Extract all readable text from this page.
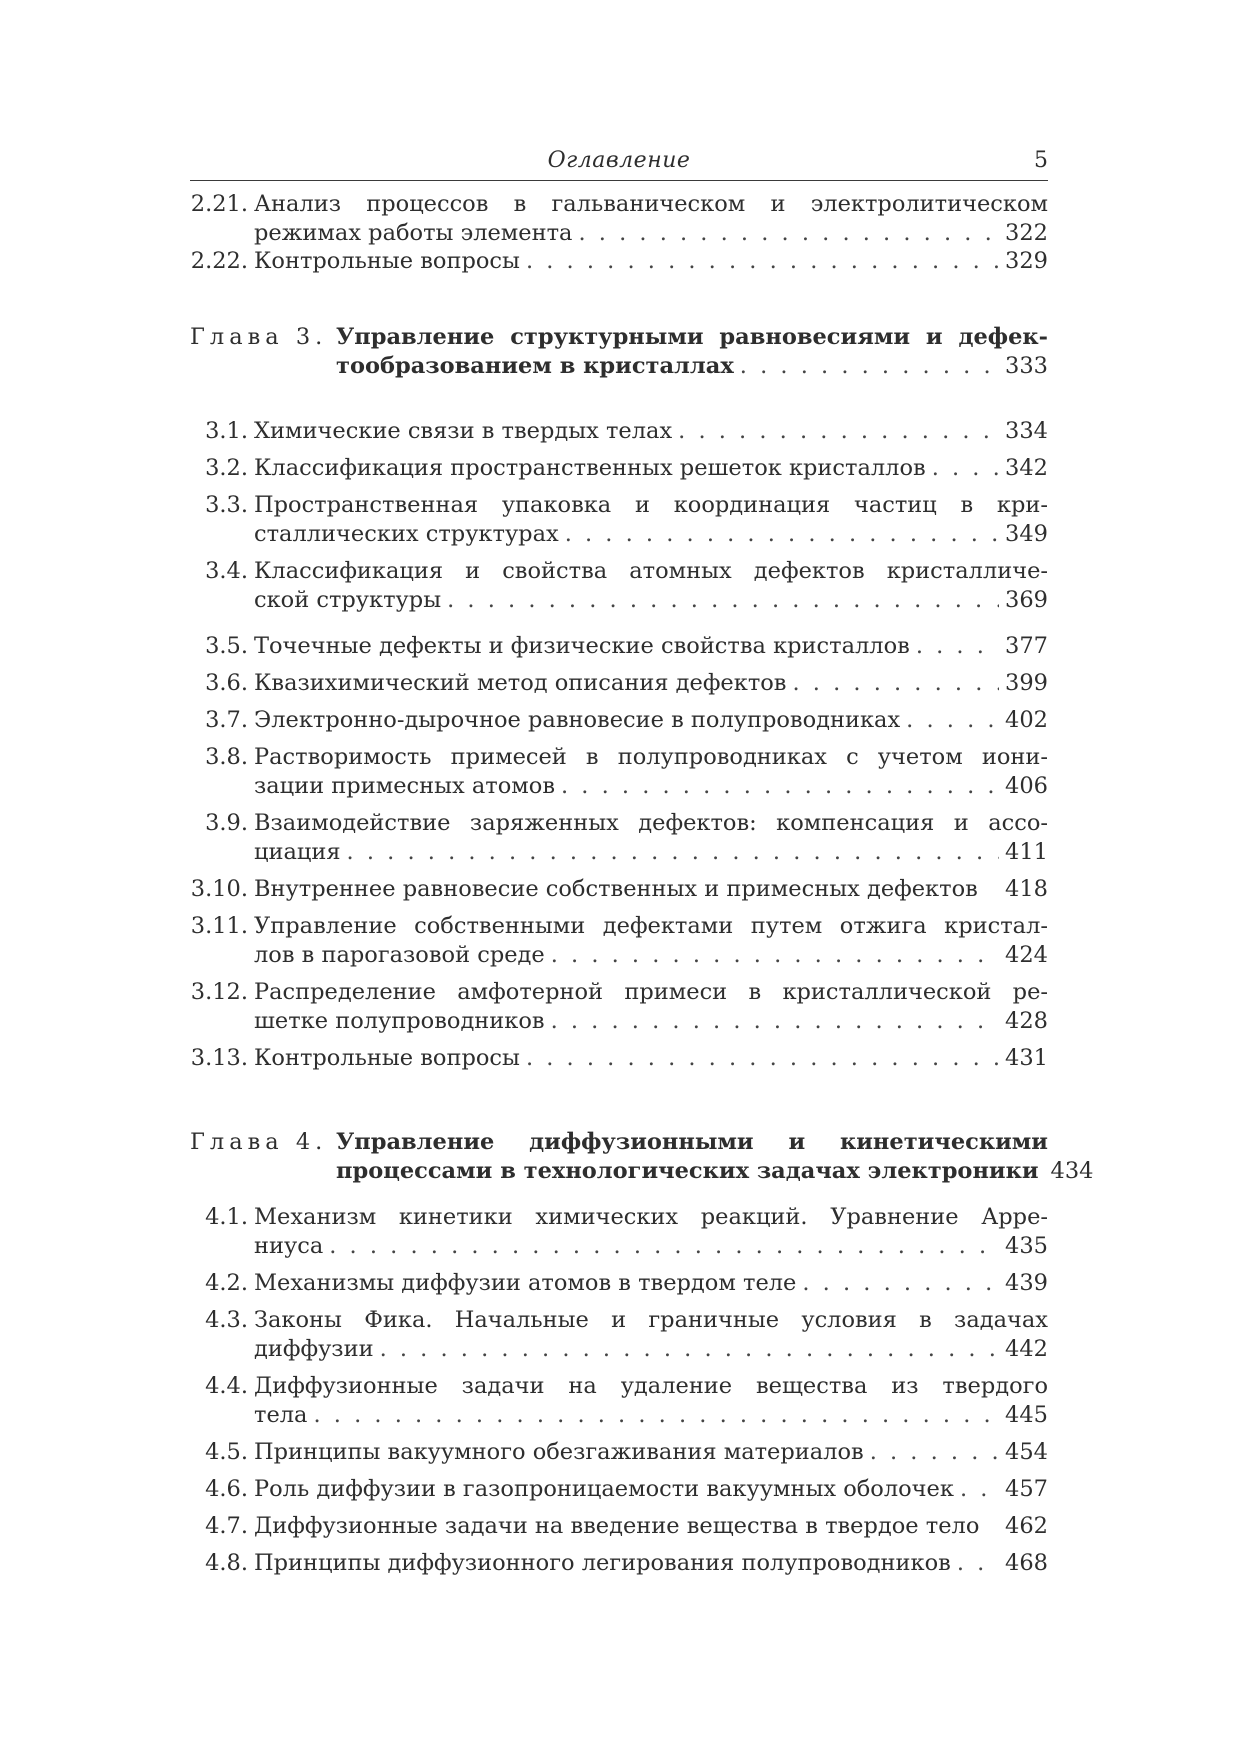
Оглавление	5
2.21. Анализ процессов в гальваническом и электролитическом
режимах работы элемента . . .	322
2.22. Контрольные вопросы . . .	329
Глава 3. Управление структурными равновесиями и дефек-
тообразованием в кристаллах . . .	333
3.1. Химические связи в твердых телах . . .	334
3.2. Классификация пространственных решеток кристаллов . . .	342
3.3. Пространственная упаковка и координация частиц в кри-
сталлических структурах . . .	349
3.4. Классификация и свойства атомных дефектов кристалличе-
ской структуры . . .	369
3.5. Точечные дефекты и физические свойства кристаллов . . .	377
3.6. Квазихимический метод описания дефектов . . .	399
3.7. Электронно-дырочное равновесие в полупроводниках . . .	402
3.8. Растворимость примесей в полупроводниках с учетом иони-
зации примесных атомов . . .	406
3.9. Взаимодействие заряженных дефектов: компенсация и ассо-
циация . . .	411
3.10. Внутреннее равновесие собственных и примесных дефектов 418
3.11. Управление собственными дефектами путем отжига кристал-
лов в парогазовой среде . . .	424
3.12. Распределение амфотерной примеси в кристаллической ре-
шетке полупроводников . . .	428
3.13. Контрольные вопросы . . .	431
Глава 4. Управление диффузионными и кинетическими
процессами в технологических задачах электроники 434
4.1. Механизм кинетики химических реакций. Уравнение Арре-
ниуса . . .	435
4.2. Механизмы диффузии атомов в твердом теле . . .	439
4.3. Законы Фика. Начальные и граничные условия в задачах
диффузии . . .	442
4.4. Диффузионные задачи на удаление вещества из твердого
тела . . .	445
4.5. Принципы вакуумного обезгаживания материалов . . .	454
4.6. Роль диффузии в газопроницаемости вакуумных оболочек . . . 457
4.7. Диффузионные задачи на введение вещества в твердое тело 462
4.8. Принципы диффузионного легирования полупроводников . . . 468
